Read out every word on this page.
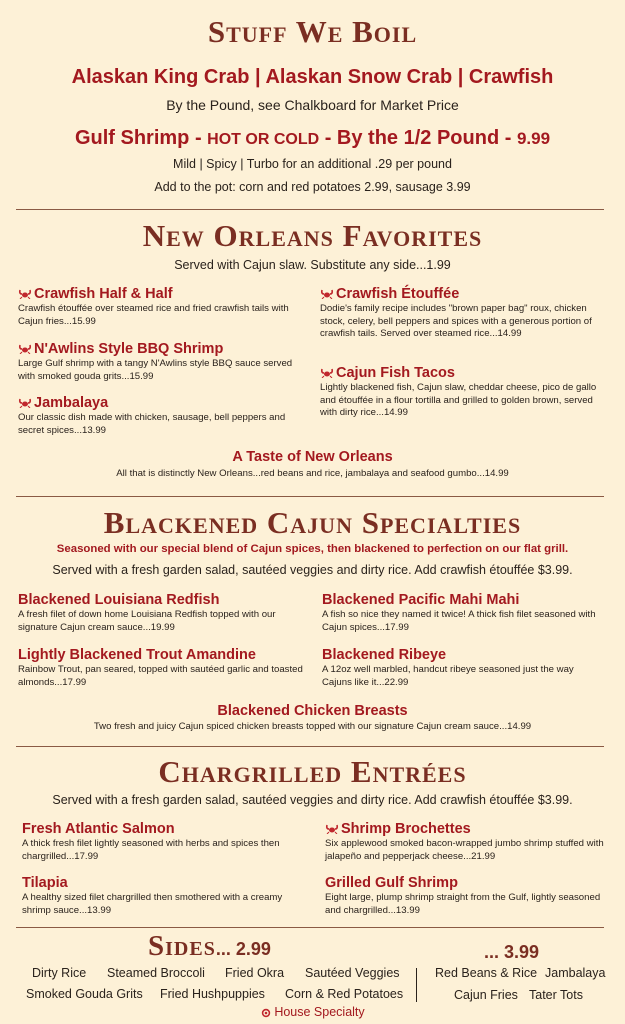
Stuff We Boil
Alaskan King Crab | Alaskan Snow Crab | Crawfish
By the Pound, see Chalkboard for Market Price
Gulf Shrimp - HOT OR COLD - By the 1/2 Pound - 9.99
Mild | Spicy | Turbo for an additional .29 per pound
Add to the pot: corn and red potatoes 2.99, sausage 3.99
New Orleans Favorites
Served with Cajun slaw. Substitute any side...1.99
Crawfish Half & Half
Crawfish étouffée over steamed rice and fried crawfish tails with Cajun fries...15.99
N'Awlins Style BBQ Shrimp
Large Gulf shrimp with a tangy N'Awlins style BBQ sauce served with smoked gouda grits...15.99
Jambalaya
Our classic dish made with chicken, sausage, bell peppers and secret spices...13.99
Crawfish Étouffée
Dodie's family recipe includes "brown paper bag" roux, chicken stock, celery, bell peppers and spices with a generous portion of crawfish tails. Served over steamed rice...14.99
Cajun Fish Tacos
Lightly blackened fish, Cajun slaw, cheddar cheese, pico de gallo and étouffée in a flour tortilla and grilled to golden brown, served with dirty rice...14.99
A Taste of New Orleans
All that is distinctly New Orleans...red beans and rice, jambalaya and seafood gumbo...14.99
Blackened Cajun Specialties
Seasoned with our special blend of Cajun spices, then blackened to perfection on our flat grill.
Served with a fresh garden salad, sautéed veggies and dirty rice. Add crawfish étouffée $3.99.
Blackened Louisiana Redfish
A fresh filet of down home Louisiana Redfish topped with our signature Cajun cream sauce...19.99
Lightly Blackened Trout Amandine
Rainbow Trout, pan seared, topped with sautéed garlic and toasted almonds...17.99
Blackened Pacific Mahi Mahi
A fish so nice they named it twice! A thick fish filet seasoned with Cajun spices...17.99
Blackened Ribeye
A 12oz well marbled, handcut ribeye seasoned just the way Cajuns like it...22.99
Blackened Chicken Breasts
Two fresh and juicy Cajun spiced chicken breasts topped with our signature Cajun cream sauce...14.99
Chargrilled Entrées
Served with a fresh garden salad, sautéed veggies and dirty rice. Add crawfish étouffée $3.99.
Fresh Atlantic Salmon
A thick fresh filet lightly seasoned with herbs and spices then chargrilled...17.99
Tilapia
A healthy sized filet chargrilled then smothered with a creamy shrimp sauce...13.99
Shrimp Brochettes
Six applewood smoked bacon-wrapped jumbo shrimp stuffed with jalapeño and pepperjack cheese...21.99
Grilled Gulf Shrimp
Eight large, plump shrimp straight from the Gulf, lightly seasoned and chargrilled...13.99
Sides... 2.99	... 3.99
Dirty Rice Steamed Broccoli Fried Okra Sautéed Veggies
Smoked Gouda Grits Fried Hushpuppies Corn & Red Potatoes
Red Beans & Rice Jambalaya
Cajun Fries Tater Tots
House Specialty
